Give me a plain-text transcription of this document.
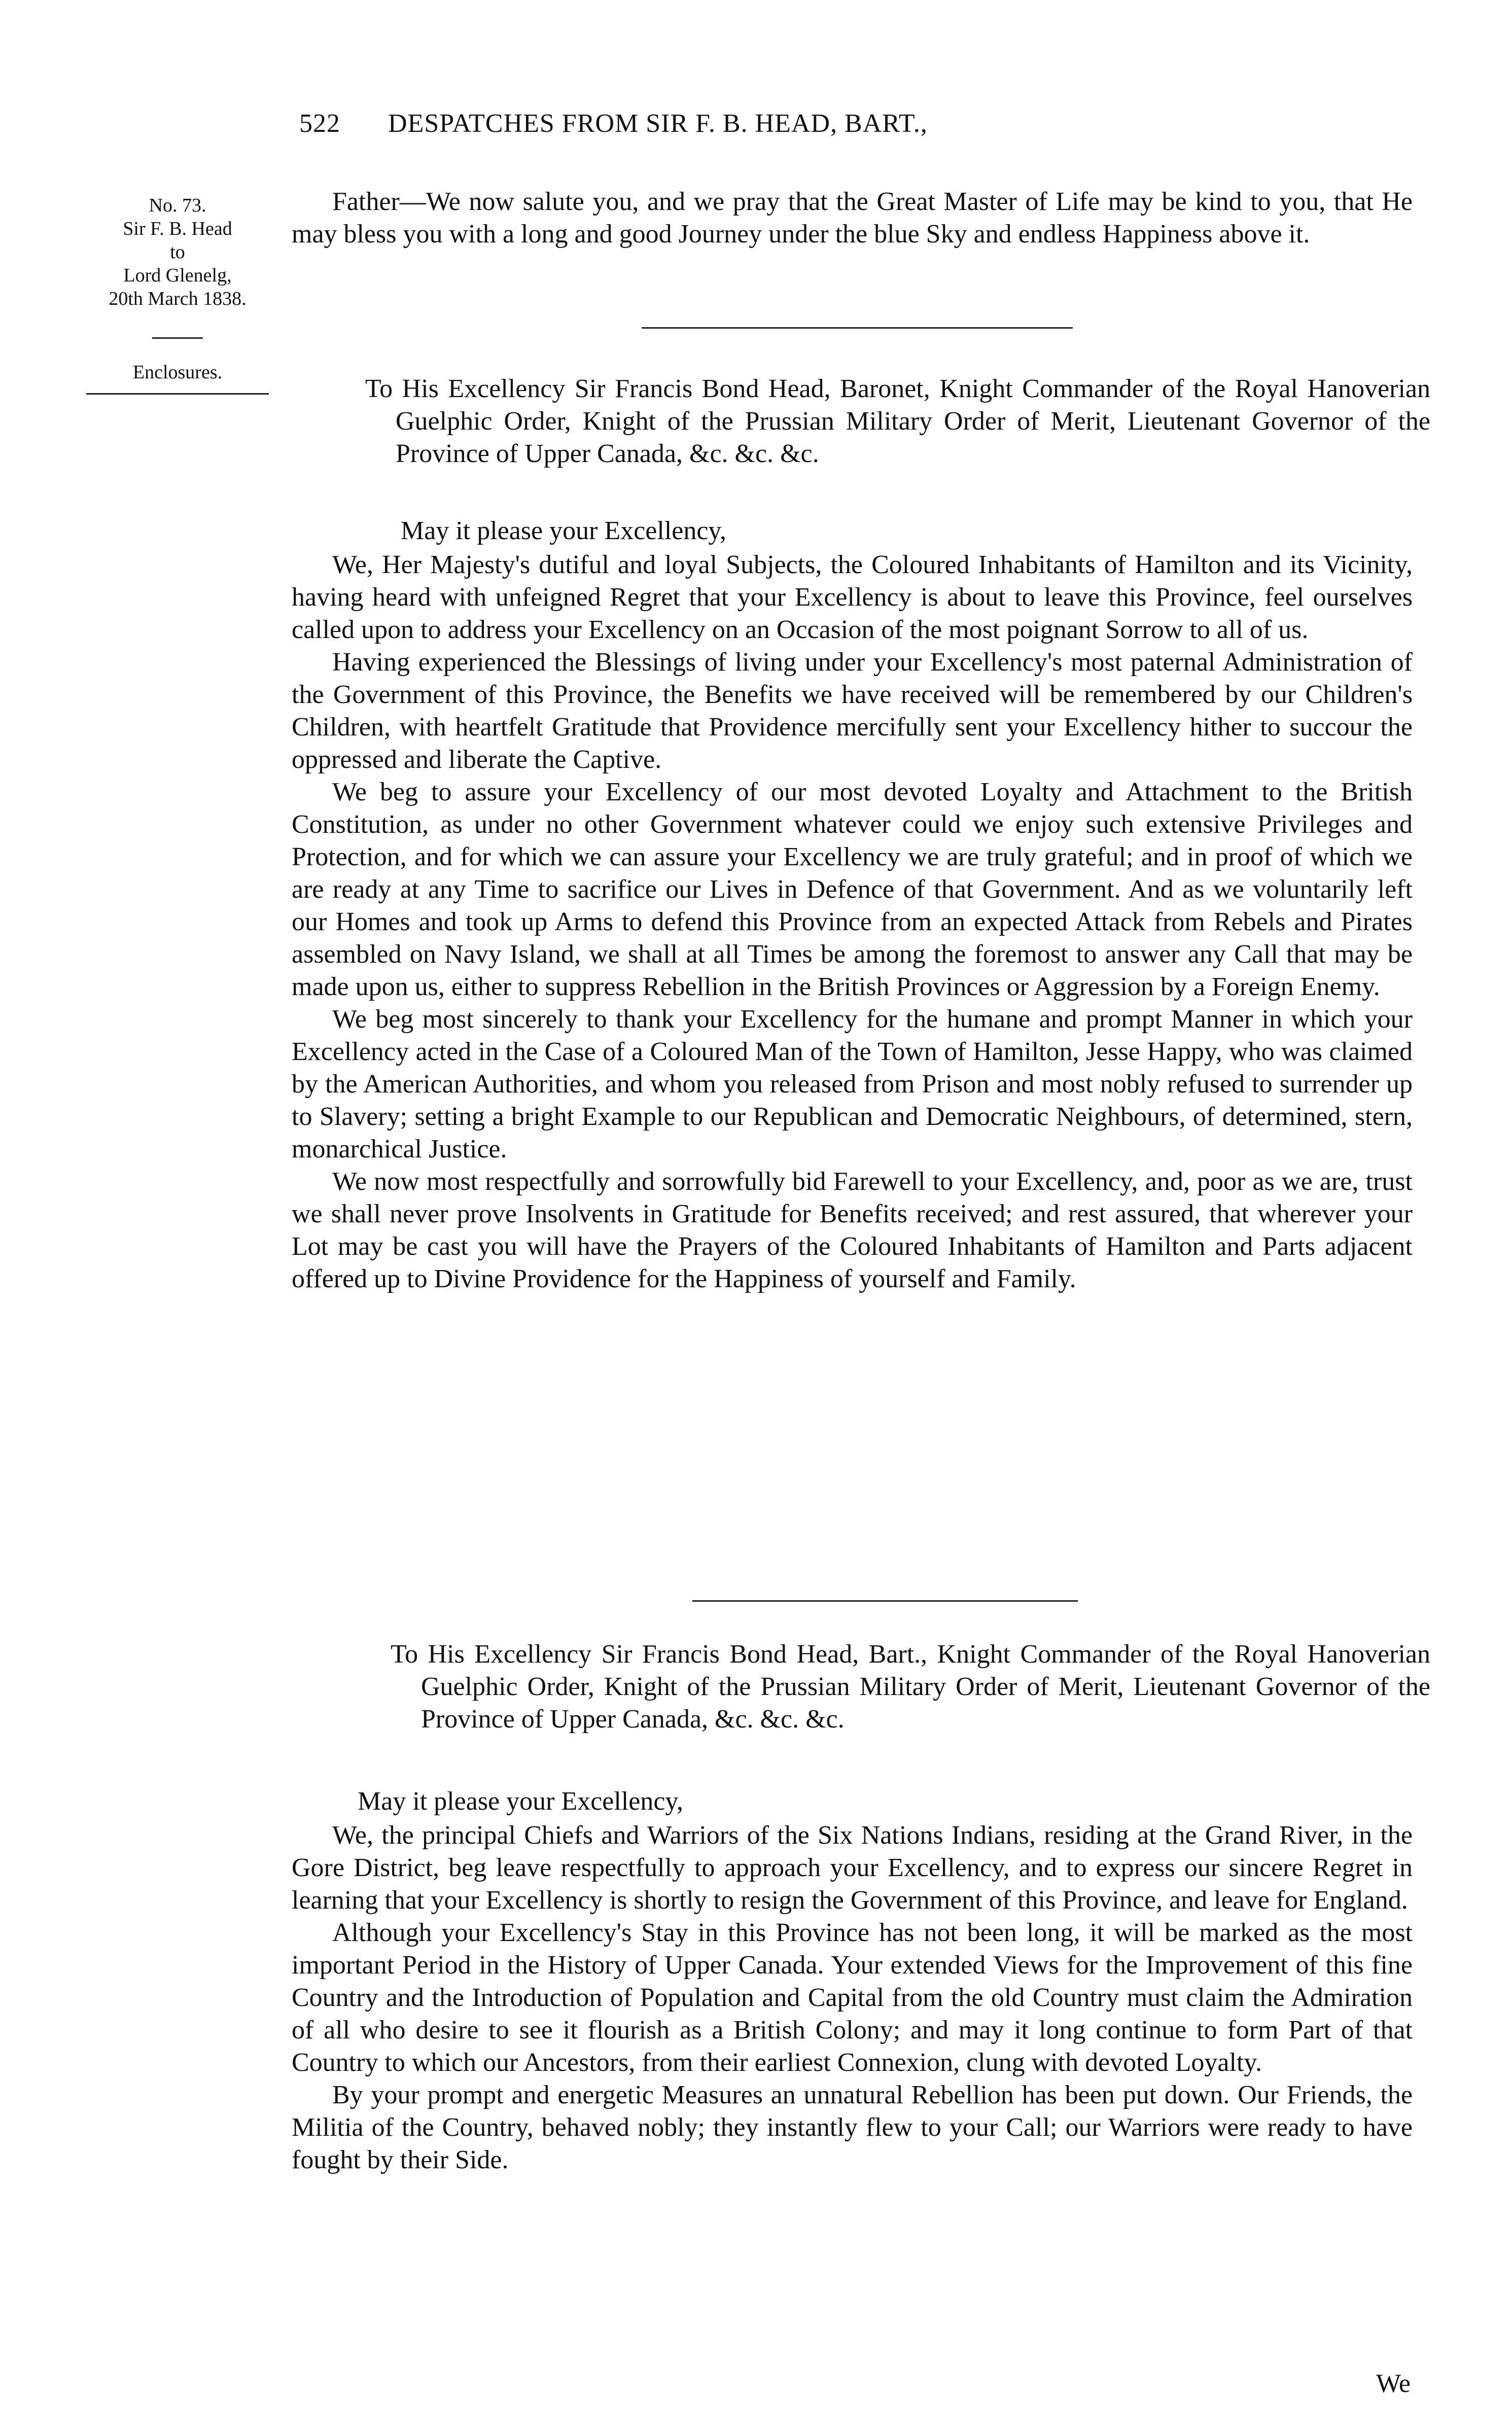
522 DESPATCHES FROM SIR F. B. HEAD, BART.,
No. 73.
Sir F. B. Head
to
Lord Glenelg,
20th March 1838.
Enclosures.

Father—We now salute you, and we pray that the Great Master of Life may be kind to you, that He may bless you with a long and good Journey under the blue Sky and endless Happiness above it.

To His Excellency Sir Francis Bond Head, Baronet, Knight Commander of the Royal Hanoverian Guelphic Order, Knight of the Prussian Military Order of Merit, Lieutenant Governor of the Province of Upper Canada, &c. &c. &c.
May it please your Excellency,

We, Her Majesty's dutiful and loyal Subjects, the Coloured Inhabitants of Hamilton and its Vicinity, having heard with unfeigned Regret that your Excellency is about to leave this Province, feel ourselves called upon to address your Excellency on an Occasion of the most poignant Sorrow to all of us.

Having experienced the Blessings of living under your Excellency's most paternal Administration of the Government of this Province, the Benefits we have received will be remembered by our Children's Children, with heartfelt Gratitude that Providence mercifully sent your Excellency hither to succour the oppressed and liberate the Captive.

We beg to assure your Excellency of our most devoted Loyalty and Attachment to the British Constitution, as under no other Government whatever could we enjoy such extensive Privileges and Protection, and for which we can assure your Excellency we are truly grateful; and in proof of which we are ready at any Time to sacrifice our Lives in Defence of that Government. And as we voluntarily left our Homes and took up Arms to defend this Province from an expected Attack from Rebels and Pirates assembled on Navy Island, we shall at all Times be among the foremost to answer any Call that may be made upon us, either to suppress Rebellion in the British Provinces or Aggression by a Foreign Enemy.

We beg most sincerely to thank your Excellency for the humane and prompt Manner in which your Excellency acted in the Case of a Coloured Man of the Town of Hamilton, Jesse Happy, who was claimed by the American Authorities, and whom you released from Prison and most nobly refused to surrender up to Slavery; setting a bright Example to our Republican and Democratic Neighbours, of determined, stern, monarchical Justice.

We now most respectfully and sorrowfully bid Farewell to your Excellency, and, poor as we are, trust we shall never prove Insolvents in Gratitude for Benefits received; and rest assured, that wherever your Lot may be cast you will have the Prayers of the Coloured Inhabitants of Hamilton and Parts adjacent offered up to Divine Providence for the Happiness of yourself and Family.

To His Excellency Sir Francis Bond Head, Bart., Knight Commander of the Royal Hanoverian Guelphic Order, Knight of the Prussian Military Order of Merit, Lieutenant Governor of the Province of Upper Canada, &c. &c. &c.
May it please your Excellency,

We, the principal Chiefs and Warriors of the Six Nations Indians, residing at the Grand River, in the Gore District, beg leave respectfully to approach your Excellency, and to express our sincere Regret in learning that your Excellency is shortly to resign the Government of this Province, and leave for England.

Although your Excellency's Stay in this Province has not been long, it will be marked as the most important Period in the History of Upper Canada. Your extended Views for the Improvement of this fine Country and the Introduction of Population and Capital from the old Country must claim the Admiration of all who desire to see it flourish as a British Colony; and may it long continue to form Part of that Country to which our Ancestors, from their earliest Connexion, clung with devoted Loyalty.

By your prompt and energetic Measures an unnatural Rebellion has been put down. Our Friends, the Militia of the Country, behaved nobly; they instantly flew to your Call; our Warriors were ready to have fought by their Side.

We
